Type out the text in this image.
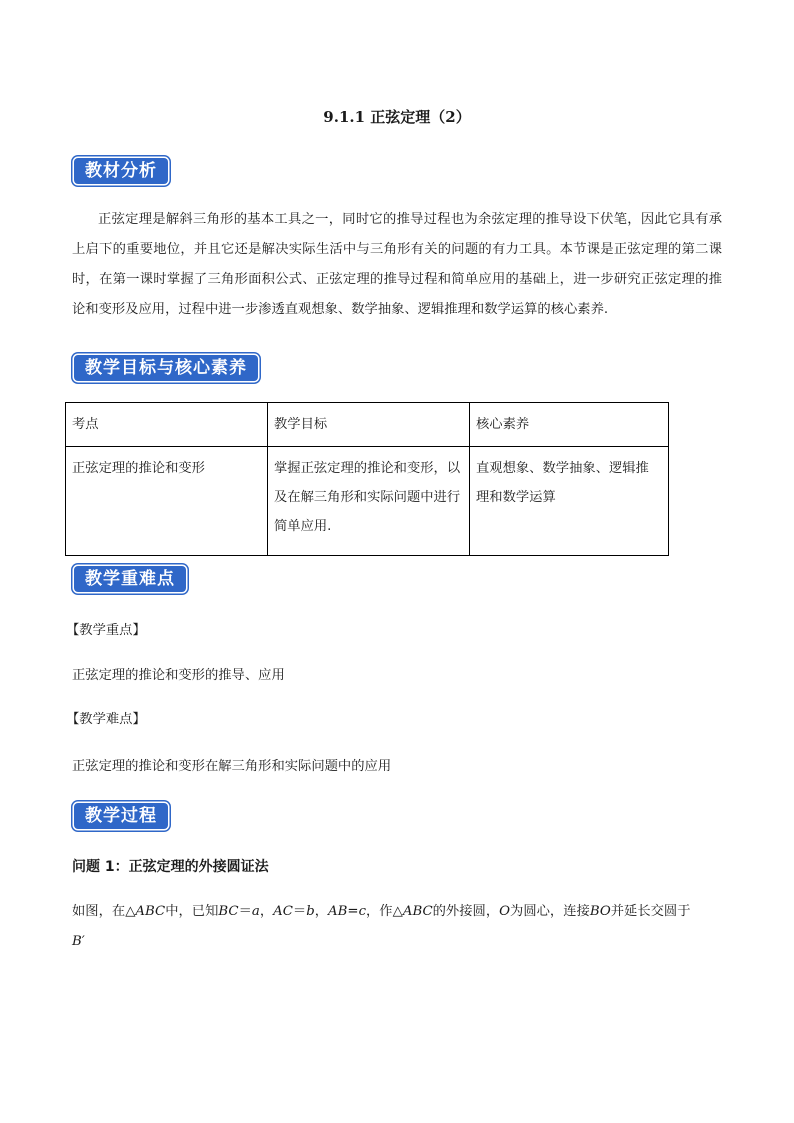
9.1.1 正弦定理（2）
教材分析

正弦定理是解斜三角形的基本工具之一，同时它的推导过程也为余弦定理的推导设下伏笔，因此它具有承上启下的重要地位，并且它还是解决实际生活中与三角形有关的问题的有力工具。本节课是正弦定理的第二课时，在第一课时掌握了三角形面积公式、正弦定理的推导过程和简单应用的基础上，进一步研究正弦定理的推论和变形及应用，过程中进一步渗透直观想象、数学抽象、逻辑推理和数学运算的核心素养.

教学目标与核心素养
考点	教学目标	核心素养
正弦定理的推论和变形	掌握正弦定理的推论和变形，以及在解三角形和实际问题中进行简单应用.	直观想象、数学抽象、逻辑推理和数学运算
教学重难点
【教学重点】
正弦定理的推论和变形的推导、应用
【教学难点】
正弦定理的推论和变形在解三角形和实际问题中的应用
教学过程
问题 1：正弦定理的外接圆证法
如图，在△ABC中，已知BC＝a，AC＝b，AB=c，作△ABC的外接圆，O为圆心，连接BO并延长交圆于
B′
